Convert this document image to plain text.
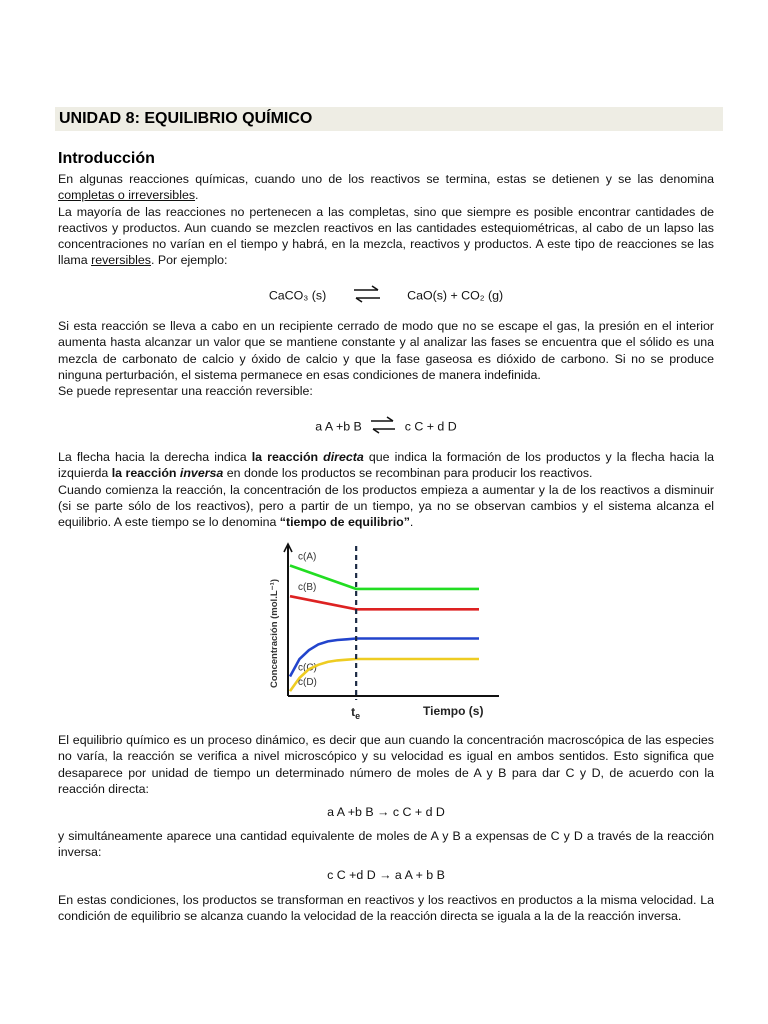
UNIDAD 8: EQUILIBRIO QUÍMICO
Introducción

En algunas reacciones químicas, cuando uno de los reactivos se termina, estas se detienen y se las denomina completas o irreversibles.

La mayoría de las reacciones no pertenecen a las completas, sino que siempre es posible encontrar cantidades de reactivos y productos. Aun cuando se mezclen reactivos en las cantidades estequiométricas, al cabo de un lapso las concentraciones no varían en el tiempo y habrá, en la mezcla, reactivos y productos. A este tipo de reacciones se las llama reversibles. Por ejemplo:

CaCO₃ (s)	CaO(s) + CO₂ (g)

Si esta reacción se lleva a cabo en un recipiente cerrado de modo que no se escape el gas, la presión en el interior aumenta hasta alcanzar un valor que se mantiene constante y al analizar las fases se encuentra que el sólido es una mezcla de carbonato de calcio y óxido de calcio y que la fase gaseosa es dióxido de carbono. Si no se produce ninguna perturbación, el sistema permanece en esas condiciones de manera indefinida.

Se puede representar una reacción reversible:

a A +b B ⇌ c C + d D

La flecha hacia la derecha indica la reacción directa que indica la formación de los productos y la flecha hacia la izquierda la reacción inversa en donde los productos se recombinan para producir los reactivos.

Cuando comienza la reacción, la concentración de los productos empieza a aumentar y la de los reactivos a disminuir (si se parte sólo de los reactivos), pero a partir de un tiempo, ya no se observan cambios y el sistema alcanza el equilibrio. A este tiempo se lo denomina “tiempo de equilibrio”.

c(A)
c(B)
c(C)
c(D)
$t_e$	Tiempo (s)
Concentración (mol.L⁻¹)

El equilibrio químico es un proceso dinámico, es decir que aun cuando la concentración macroscópica de las especies no varía, la reacción se verifica a nivel microscópico y su velocidad es igual en ambos sentidos. Esto significa que desaparece por unidad de tiempo un determinado número de moles de A y B para dar C y D, de acuerdo con la reacción directa:

a A +b B → c C + d D

y simultáneamente aparece una cantidad equivalente de moles de A y B a expensas de C y D a través de la reacción inversa:

c C +d D → a A + b B

En estas condiciones, los productos se transforman en reactivos y los reactivos en productos a la misma velocidad. La condición de equilibrio se alcanza cuando la velocidad de la reacción directa se iguala a la de la reacción inversa.
